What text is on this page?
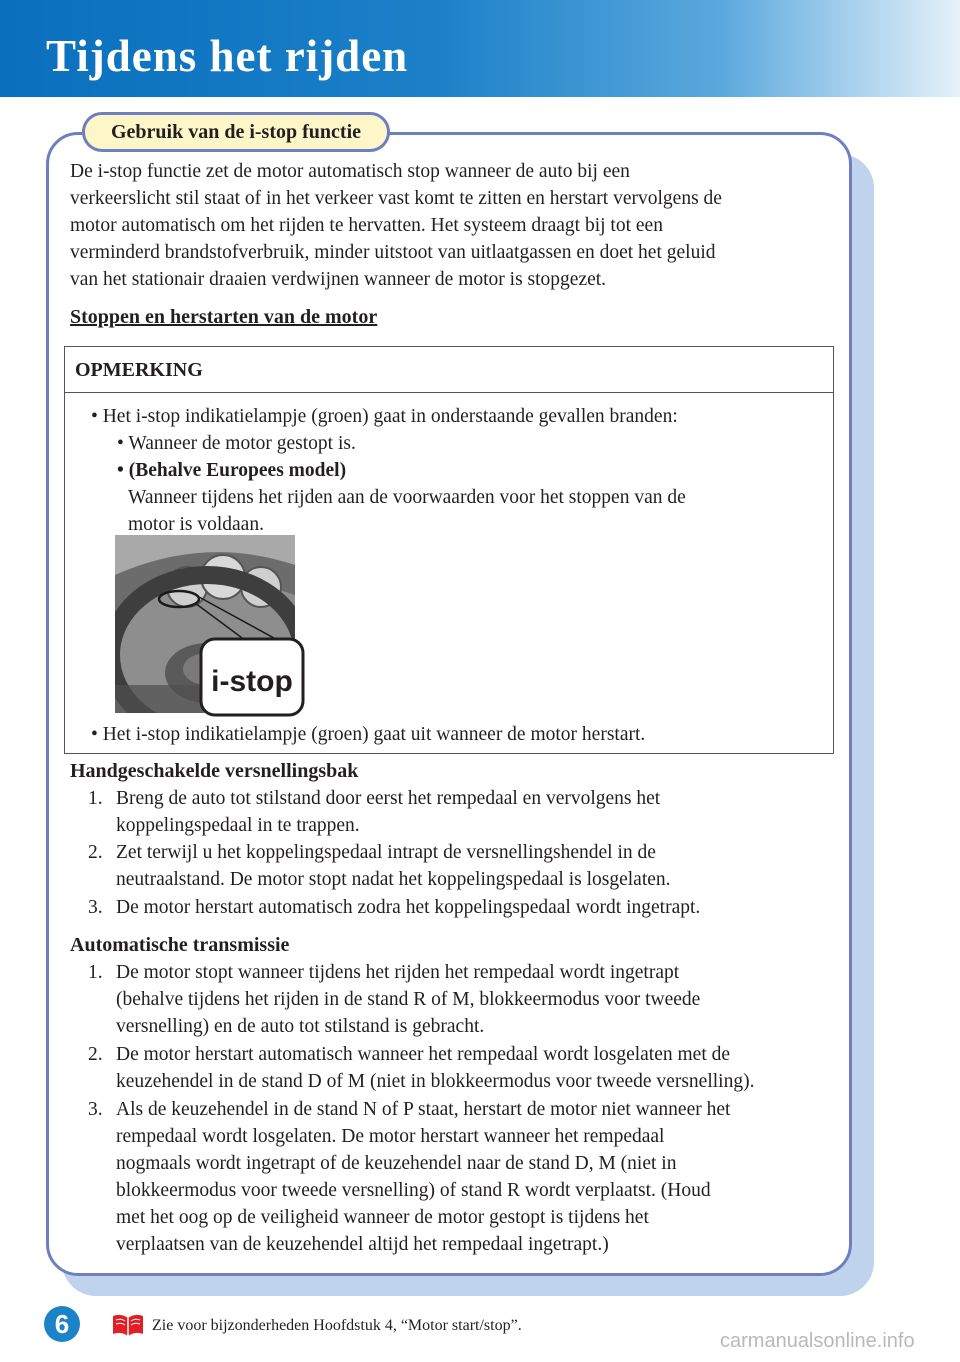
Tijdens het rijden
Gebruik van de i-stop functie

De i-stop functie zet de motor automatisch stop wanneer de auto bij een

verkeerslicht stil staat of in het verkeer vast komt te zitten en herstart vervolgens de

motor automatisch om het rijden te hervatten. Het systeem draagt bij tot een

verminderd brandstofverbruik, minder uitstoot van uitlaatgassen en doet het geluid

van het stationair draaien verdwijnen wanneer de motor is stopgezet.

Stoppen en herstarten van de motor
OPMERKING
• Het i-stop indikatielampje (groen) gaat in onderstaande gevallen branden:
• Wanneer de motor gestopt is.
• (Behalve Europees model)
Wanneer tijdens het rijden aan de voorwaarden voor het stoppen van de
motor is voldaan.
i-stop
• Het i-stop indikatielampje (groen) gaat uit wanneer de motor herstart.
Handgeschakelde versnellingsbak
1. Breng de auto tot stilstand door eerst het rempedaal en vervolgens het
koppelingspedaal in te trappen.
2. Zet terwijl u het koppelingspedaal intrapt de versnellingshendel in de
neutraalstand. De motor stopt nadat het koppelingspedaal is losgelaten.
3. De motor herstart automatisch zodra het koppelingspedaal wordt ingetrapt.
Automatische transmissie
1. De motor stopt wanneer tijdens het rijden het rempedaal wordt ingetrapt
(behalve tijdens het rijden in de stand R of M, blokkeermodus voor tweede
versnelling) en de auto tot stilstand is gebracht.
2. De motor herstart automatisch wanneer het rempedaal wordt losgelaten met de
keuzehendel in de stand D of M (niet in blokkeermodus voor tweede versnelling).
3. Als de keuzehendel in de stand N of P staat, herstart de motor niet wanneer het
rempedaal wordt losgelaten. De motor herstart wanneer het rempedaal
nogmaals wordt ingetrapt of de keuzehendel naar de stand D, M (niet in
blokkeermodus voor tweede versnelling) of stand R wordt verplaatst. (Houd
met het oog op de veiligheid wanneer de motor gestopt is tijdens het
verplaatsen van de keuzehendel altijd het rempedaal ingetrapt.)
6	Zie voor bijzonderheden Hoofdstuk 4, “Motor start/stop”.
carmanualsonline.info
